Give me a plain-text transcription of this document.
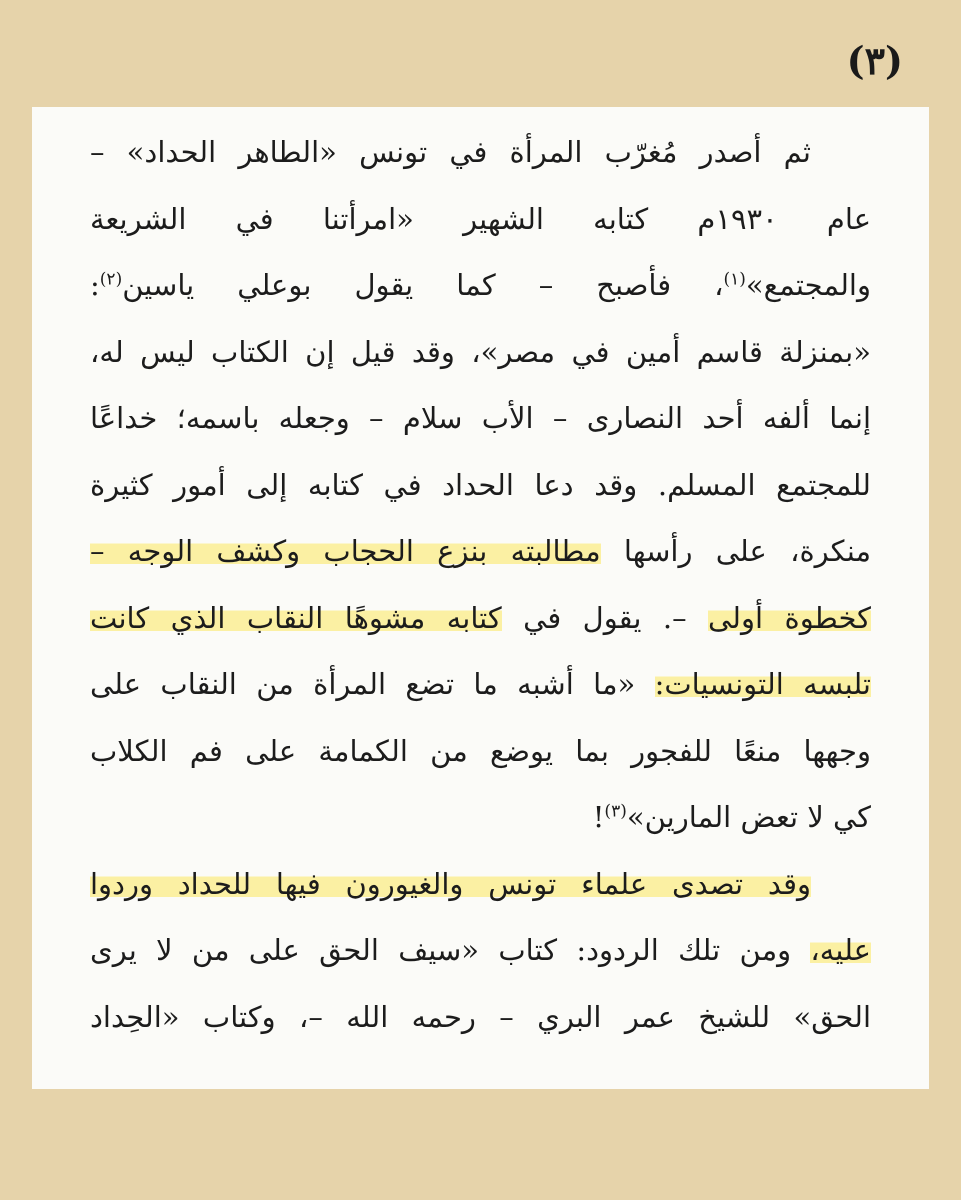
(٣)
ثم أصدر مُغرّب المرأة في تونس «الطاهر الحداد» –
عام ١٩٣٠م كتابه الشهير «امرأتنا في الشريعة
والمجتمع»$^{(١)}$، فأصبح – كما يقول بوعلي ياسين$^{(٢)}$:
«بمنزلة قاسم أمين في مصر»، وقد قيل إن الكتاب ليس له،
إنما ألفه أحد النصارى – الأب سلام – وجعله باسمه؛ خداعًا
للمجتمع المسلم. وقد دعا الحداد في كتابه إلى أمور كثيرة
منكرة، على رأسها مطالبته بنزع الحجاب وكشف الوجه –
كخطوة أولى –. يقول في كتابه مشوهًا النقاب الذي كانت
تلبسه التونسيات: «ما أشبه ما تضع المرأة من النقاب على
وجهها منعًا للفجور بما يوضع من الكمامة على فم الكلاب
كي لا تعض المارين»$^{(٣)}$!
وقد تصدى علماء تونس والغيورون فيها للحداد وردوا
عليه، ومن تلك الردود: كتاب «سيف الحق على من لا يرى
الحق» للشيخ عمر البري – رحمه الله –، وكتاب «الحِداد
